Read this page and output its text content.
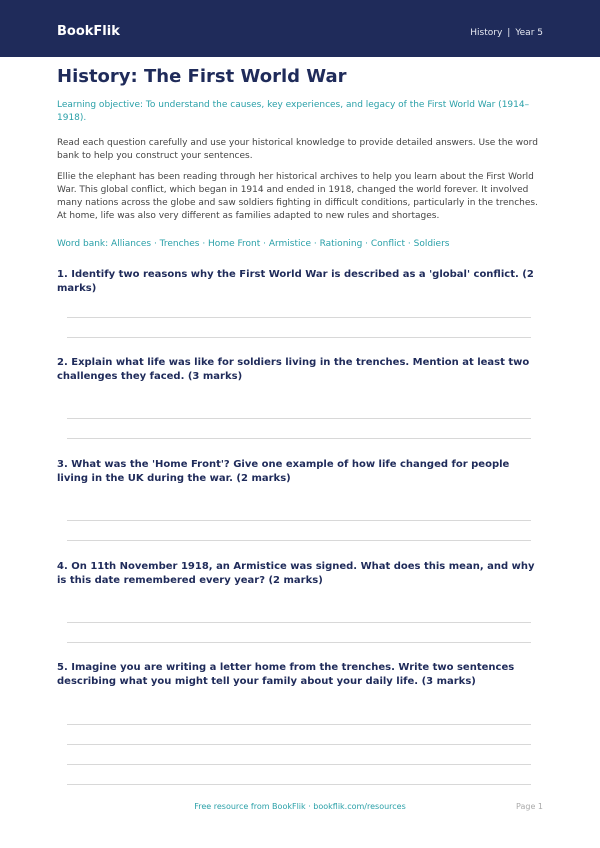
BookFlik	History | Year 5
History: The First World War
Learning objective: To understand the causes, key experiences, and legacy of the First World War (1914–1918).

Read each question carefully and use your historical knowledge to provide detailed answers. Use the word bank to help you construct your sentences.

Ellie the elephant has been reading through her historical archives to help you learn about the First World War. This global conflict, which began in 1914 and ended in 1918, changed the world forever. It involved many nations across the globe and saw soldiers fighting in difficult conditions, particularly in the trenches. At home, life was also very different as families adapted to new rules and shortages.

Word bank: Alliances · Trenches · Home Front · Armistice · Rationing · Conflict · Soldiers

1. Identify two reasons why the First World War is described as a 'global' conflict. (2 marks)

2. Explain what life was like for soldiers living in the trenches. Mention at least two challenges they faced. (3 marks)

3. What was the 'Home Front'? Give one example of how life changed for people living in the UK during the war. (2 marks)

4. On 11th November 1918, an Armistice was signed. What does this mean, and why is this date remembered every year? (2 marks)

5. Imagine you are writing a letter home from the trenches. Write two sentences describing what you might tell your family about your daily life. (3 marks)

Free resource from BookFlik · bookflik.com/resources	Page 1
